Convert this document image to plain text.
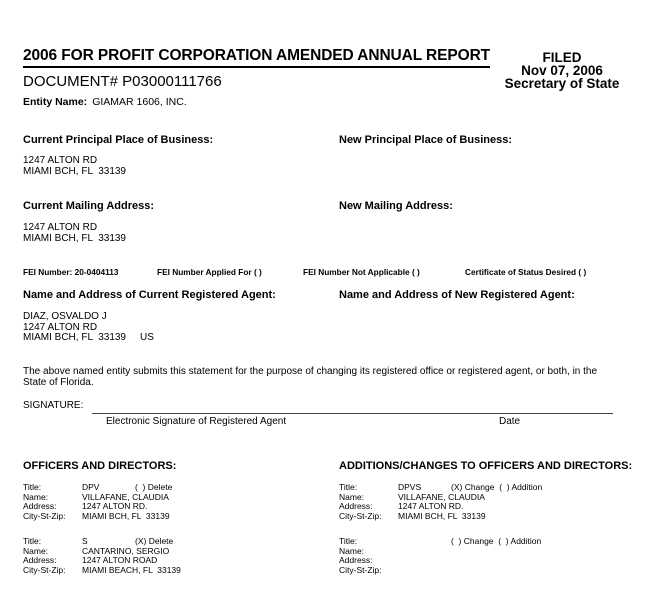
2006 FOR PROFIT CORPORATION AMENDED ANNUAL REPORT	FILED
Nov 07, 2006
Secretary of State
DOCUMENT# P03000111766
Entity Name: GIAMAR 1606, INC.
Current Principal Place of Business:	New Principal Place of Business:
1247 ALTON RD
MIAMI BCH, FL  33139
Current Mailing Address:	New Mailing Address:
1247 ALTON RD
MIAMI BCH, FL  33139
FEI Number: 20-0404113	FEI Number Applied For ( )	FEI Number Not Applicable ( )	Certificate of Status Desired ( )
Name and Address of Current Registered Agent:	Name and Address of New Registered Agent:
DIAZ, OSVALDO J
1247 ALTON RD
MIAMI BCH, FL  33139 US
The above named entity submits this statement for the purpose of changing its registered office or registered agent, or both, in the State of Florida.
SIGNATURE:
Electronic Signature of Registered Agent	Date
OFFICERS AND DIRECTORS:	ADDITIONS/CHANGES TO OFFICERS AND DIRECTORS:
Title:	DPV	(  ) Delete
Name:	VILLAFANE, CLAUDIA
Address:	1247 ALTON RD.
City-St-Zip:	MIAMI BCH, FL  33139
Title:	S	(X) Delete
Name:	CANTARINO, SERGIO
Address:	1247 ALTON ROAD
City-St-Zip:	MIAMI BEACH, FL  33139
Title:	DPVS	(X) Change  (  ) Addition
Name:	VILLAFANE, CLAUDIA
Address:	1247 ALTON RD.
City-St-Zip:	MIAMI BCH, FL  33139
Title:	(  ) Change  (  ) Addition
Name:
Address:
City-St-Zip:
